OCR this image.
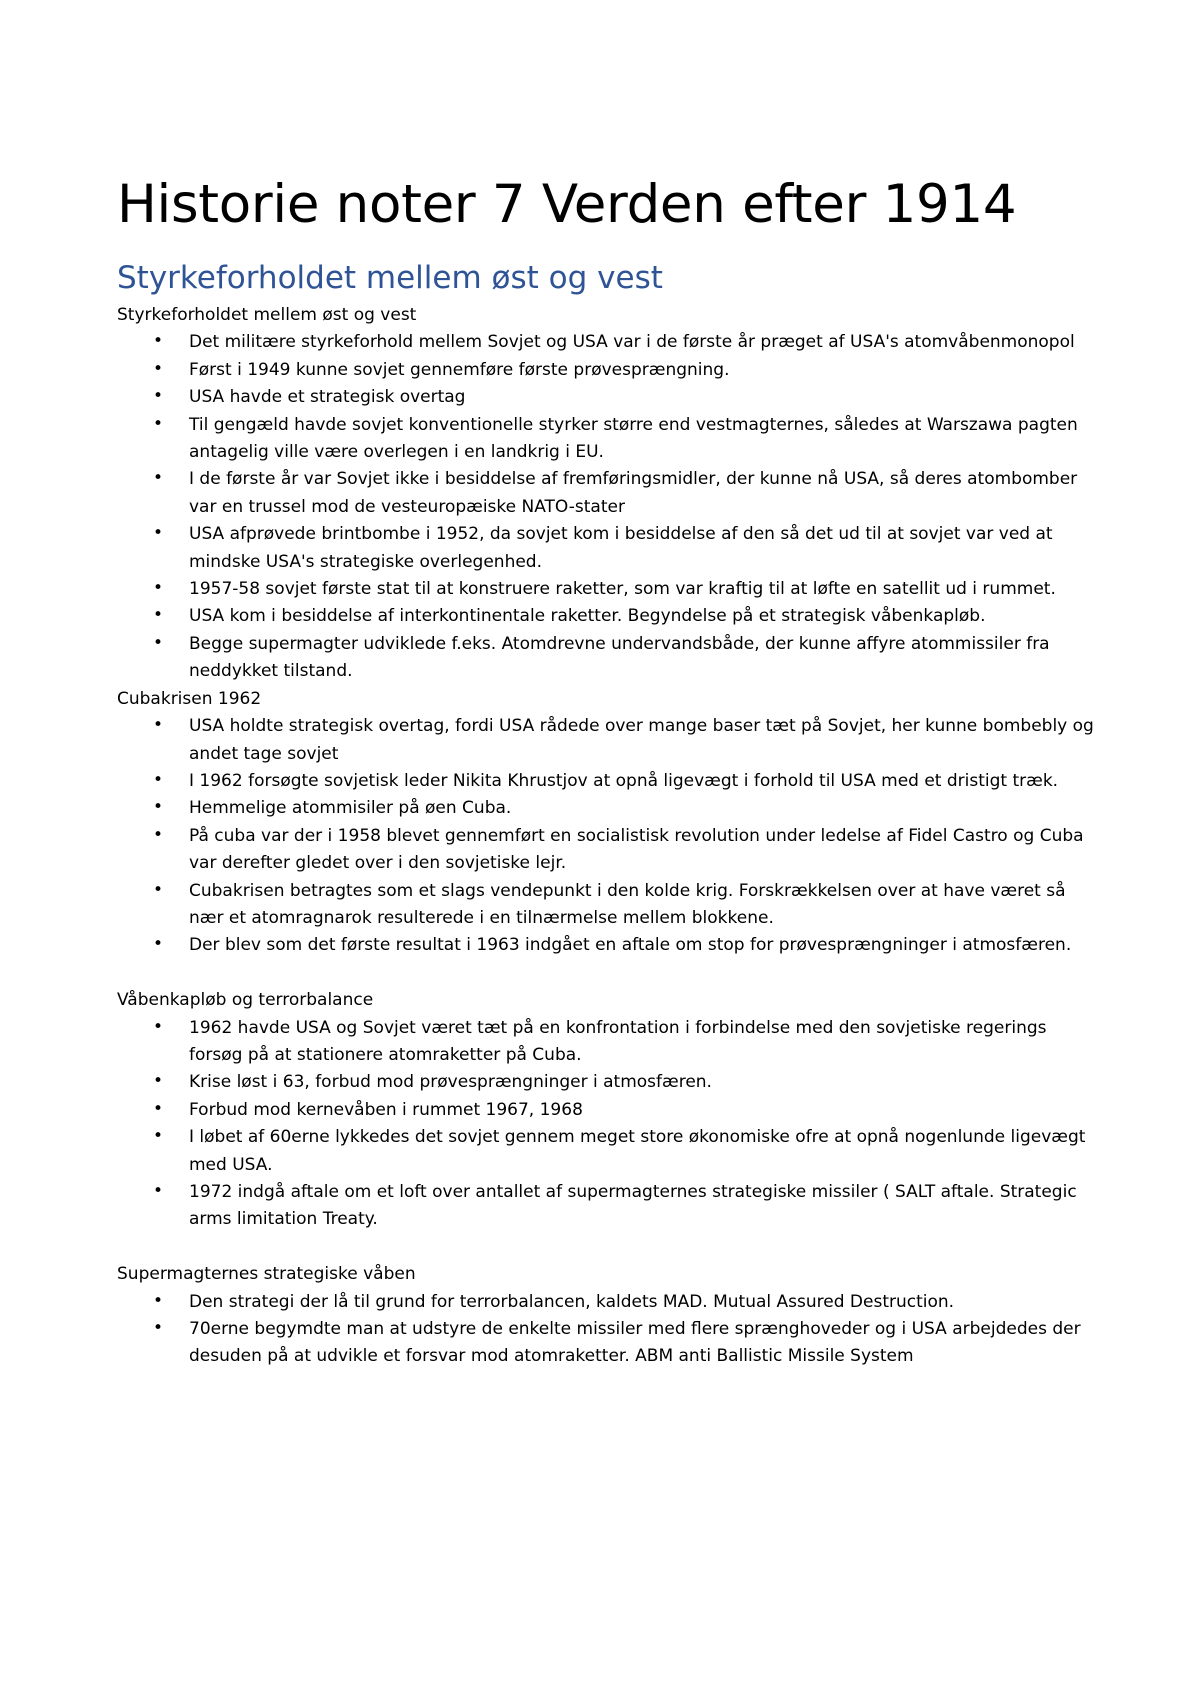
Historie noter 7 Verden efter 1914
Styrkeforholdet mellem øst og vest

Styrkeforholdet mellem øst og vest

• Det militære styrkeforhold mellem Sovjet og USA var i de første år præget af USA's atomvåbenmonopol
• Først i 1949 kunne sovjet gennemføre første prøvesprængning.
• USA havde et strategisk overtag
• Til gengæld havde sovjet konventionelle styrker større end vestmagternes, således at Warszawa pagten antagelig ville være overlegen i en landkrig i EU.
• I de første år var Sovjet ikke i besiddelse af fremføringsmidler, der kunne nå USA, så deres atombomber var en trussel mod de vesteuropæiske NATO-stater
• USA afprøvede brintbombe i 1952, da sovjet kom i besiddelse af den så det ud til at sovjet var ved at mindske USA's strategiske overlegenhed.
• 1957-58 sovjet første stat til at konstruere raketter, som var kraftig til at løfte en satellit ud i rummet.
• USA kom i besiddelse af interkontinentale raketter. Begyndelse på et strategisk våbenkapløb.
• Begge supermagter udviklede f.eks. Atomdrevne undervandsbåde, der kunne affyre atommissiler fra neddykket tilstand.

Cubakrisen 1962

• USA holdte strategisk overtag, fordi USA rådede over mange baser tæt på Sovjet, her kunne bombebly og andet tage sovjet
• I 1962 forsøgte sovjetisk leder Nikita Khrustjov at opnå ligevægt i forhold til USA med et dristigt træk.
• Hemmelige atommisiler på øen Cuba.
• På cuba var der i 1958 blevet gennemført en socialistisk revolution under ledelse af Fidel Castro og Cuba var derefter gledet over i den sovjetiske lejr.
• Cubakrisen betragtes som et slags vendepunkt i den kolde krig. Forskrækkelsen over at have været så nær et atomragnarok resulterede i en tilnærmelse mellem blokkene.
• Der blev som det første resultat i 1963 indgået en aftale om stop for prøvesprængninger i atmosfæren.

Våbenkapløb og terrorbalance

• 1962 havde USA og Sovjet været tæt på en konfrontation i forbindelse med den sovjetiske regerings forsøg på at stationere atomraketter på Cuba.
• Krise løst i 63, forbud mod prøvesprængninger i atmosfæren.
• Forbud mod kernevåben i rummet 1967, 1968
• I løbet af 60erne lykkedes det sovjet gennem meget store økonomiske ofre at opnå nogenlunde ligevægt med USA.
• 1972 indgå aftale om et loft over antallet af supermagternes strategiske missiler ( SALT aftale. Strategic arms limitation Treaty.

Supermagternes strategiske våben

• Den strategi der lå til grund for terrorbalancen, kaldets MAD. Mutual Assured Destruction.
• 70erne begymdte man at udstyre de enkelte missiler med flere sprænghoveder og i USA arbejdedes der desuden på at udvikle et forsvar mod atomraketter. ABM anti Ballistic Missile System
